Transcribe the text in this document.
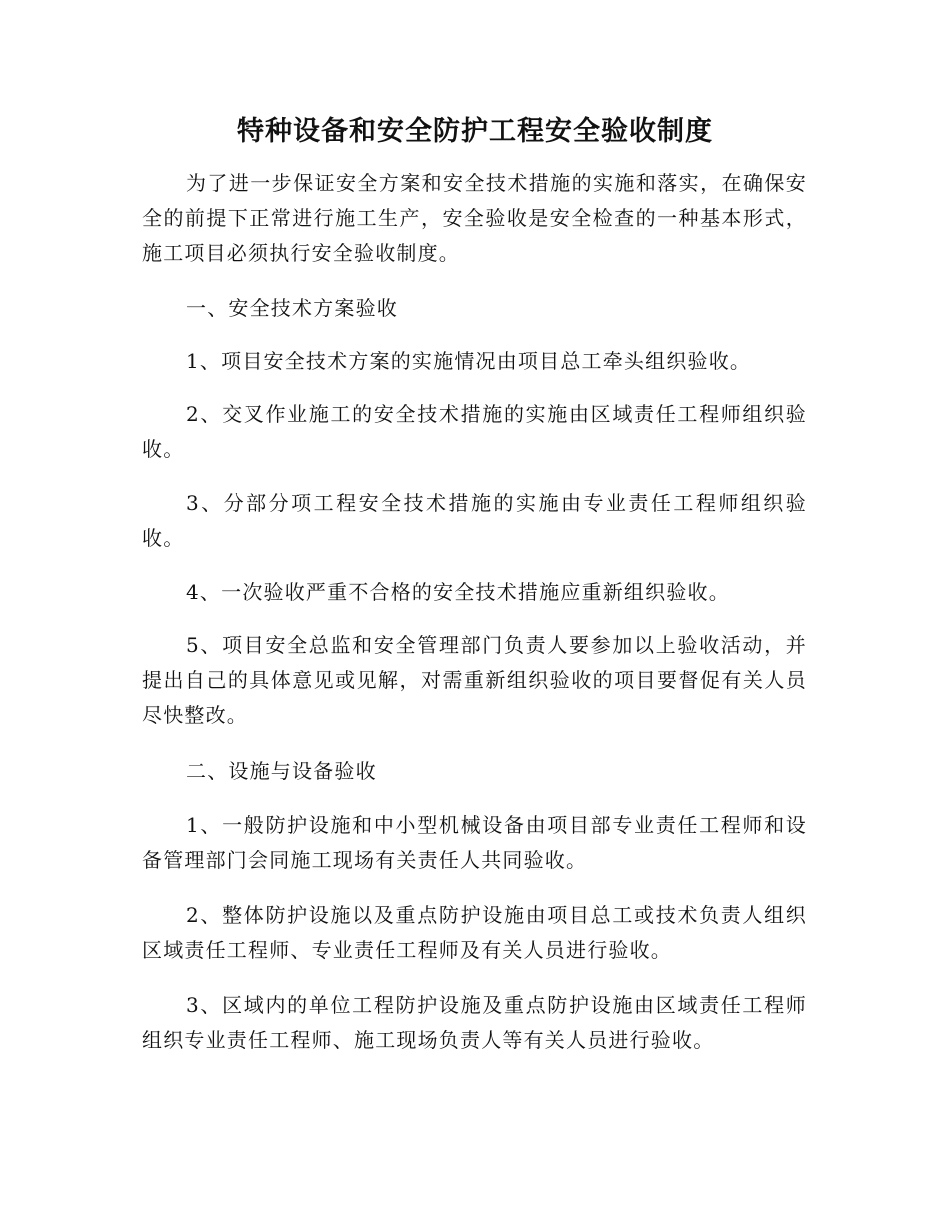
特种设备和安全防护工程安全验收制度

为了进一步保证安全方案和安全技术措施的实施和落实，在确保安全的前提下正常进行施工生产，安全验收是安全检查的一种基本形式，施工项目必须执行安全验收制度。

一、安全技术方案验收

1、项目安全技术方案的实施情况由项目总工牵头组织验收。

2、交叉作业施工的安全技术措施的实施由区域责任工程师组织验收。

3、分部分项工程安全技术措施的实施由专业责任工程师组织验收。

4、一次验收严重不合格的安全技术措施应重新组织验收。

5、项目安全总监和安全管理部门负责人要参加以上验收活动，并提出自己的具体意见或见解，对需重新组织验收的项目要督促有关人员尽快整改。

二、设施与设备验收

1、一般防护设施和中小型机械设备由项目部专业责任工程师和设备管理部门会同施工现场有关责任人共同验收。

2、整体防护设施以及重点防护设施由项目总工或技术负责人组织区域责任工程师、专业责任工程师及有关人员进行验收。

3、区域内的单位工程防护设施及重点防护设施由区域责任工程师组织专业责任工程师、施工现场负责人等有关人员进行验收。
